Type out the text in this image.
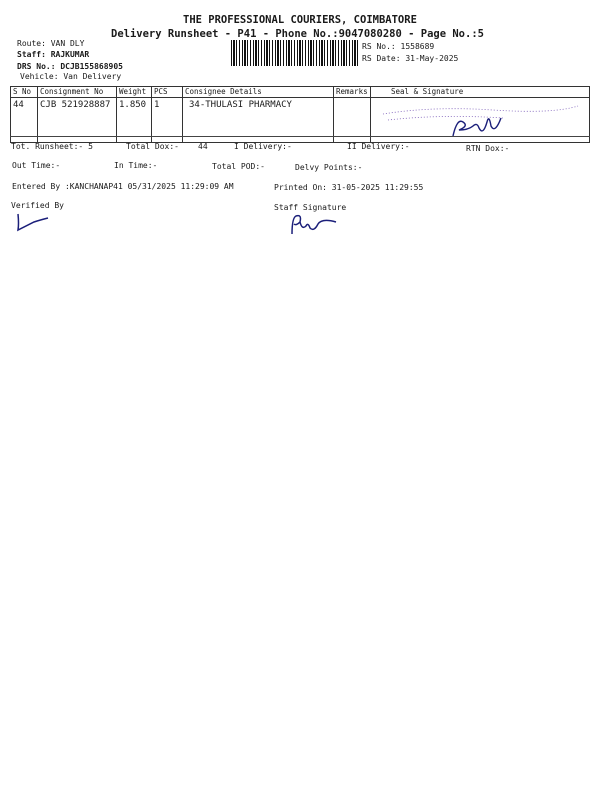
THE PROFESSIONAL COURIERS, COIMBATORE
Delivery Runsheet - P41 - Phone No.:9047080280 - Page No.:5
Route: VAN DLY
Staff: RAJKUMAR
DRS No.: DCJB155868905
Vehicle: Van Delivery
RS No.: 1558689
RS Date: 31-May-2025
S No	Consignment No	Weight	PCS	Consignee Details	Remarks	Seal & Signature
44	CJB 521928887	1.850	1	34-THULASI PHARMACY		
Tot. Runsheet:- 5	Total Dox:- 44	I Delivery:-	II Delivery:-	RTN Dox:-
Out Time:-	In Time:-	Total POD:-	Delvy Points:-
Entered By :KANCHANAP41 05/31/2025 11:29:09 AM	Printed On: 31-05-2025 11:29:55
Verified By	Staff Signature
